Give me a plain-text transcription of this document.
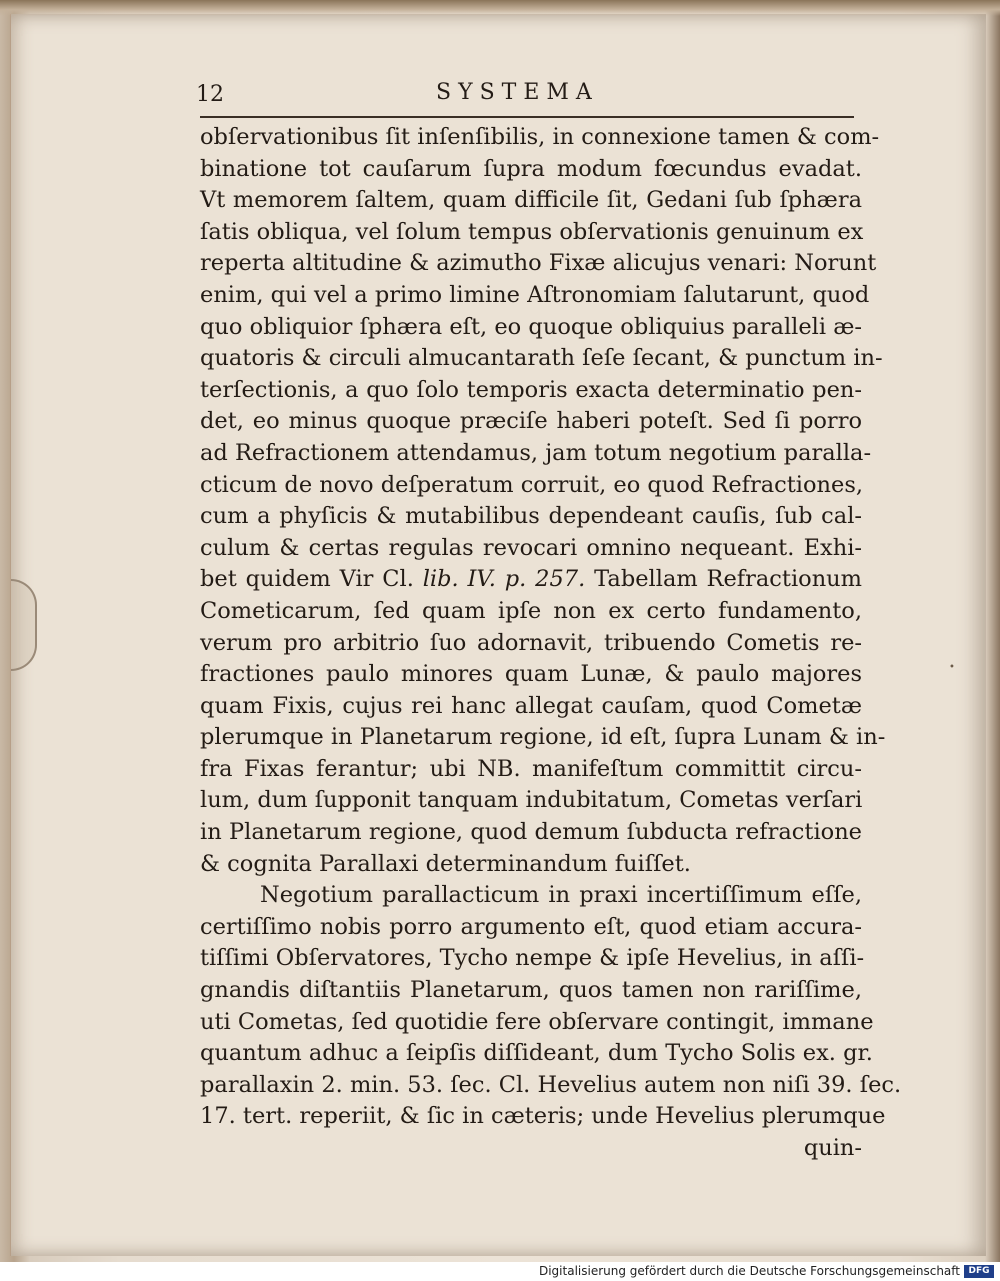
•
12	SYSTEMA
obſervationibus ſit inſenſibilis, in connexione tamen & com-
binatione tot cauſarum ſupra modum fœcundus evadat.
Vt memorem ſaltem, quam difficile ſit, Gedani ſub ſphæra
ſatis obliqua, vel ſolum tempus obſervationis genuinum ex
reperta altitudine & azimutho Fixæ alicujus venari: Norunt
enim, qui vel a primo limine Aſtronomiam ſalutarunt, quod
quo obliquior ſphæra eſt, eo quoque obliquius paralleli æ-
quatoris & circuli almucantarath ſeſe ſecant, & punctum in-
terſectionis, a quo ſolo temporis exacta determinatio pen-
det, eo minus quoque præciſe haberi poteſt. Sed ſi porro
ad Refractionem attendamus, jam totum negotium paralla-
cticum de novo deſperatum corruit, eo quod Refractiones,
cum a phyſicis & mutabilibus dependeant cauſis, ſub cal-
culum & certas regulas revocari omnino nequeant. Exhi-
bet quidem Vir Cl. lib. IV. p. 257. Tabellam Refractionum
Cometicarum, ſed quam ipſe non ex certo fundamento,
verum pro arbitrio ſuo adornavit, tribuendo Cometis re-
fractiones paulo minores quam Lunæ, & paulo majores
quam Fixis, cujus rei hanc allegat cauſam, quod Cometæ
plerumque in Planetarum regione, id eſt, ſupra Lunam & in-
fra Fixas ferantur; ubi NB. manifeſtum committit circu-
lum, dum ſupponit tanquam indubitatum, Cometas verſari
in Planetarum regione, quod demum ſubducta refractione
& cognita Parallaxi determinandum fuiſſet.
Negotium parallacticum in praxi incertiſſimum eſſe,
certiſſimo nobis porro argumento eſt, quod etiam accura-
tiſſimi Obſervatores, Tycho nempe & ipſe Hevelius, in aſſi-
gnandis diſtantiis Planetarum, quos tamen non rariſſime,
uti Cometas, ſed quotidie fere obſervare contingit, immane
quantum adhuc a ſeipſis diſſideant, dum Tycho Solis ex. gr.
parallaxin 2. min. 53. ſec. Cl. Hevelius autem non niſi 39. ſec.
17. tert. reperiit, & ſic in cæteris; unde Hevelius plerumque
quin-
Digitalisierung gefördert durch die Deutsche Forschungsgemeinschaft DFG
